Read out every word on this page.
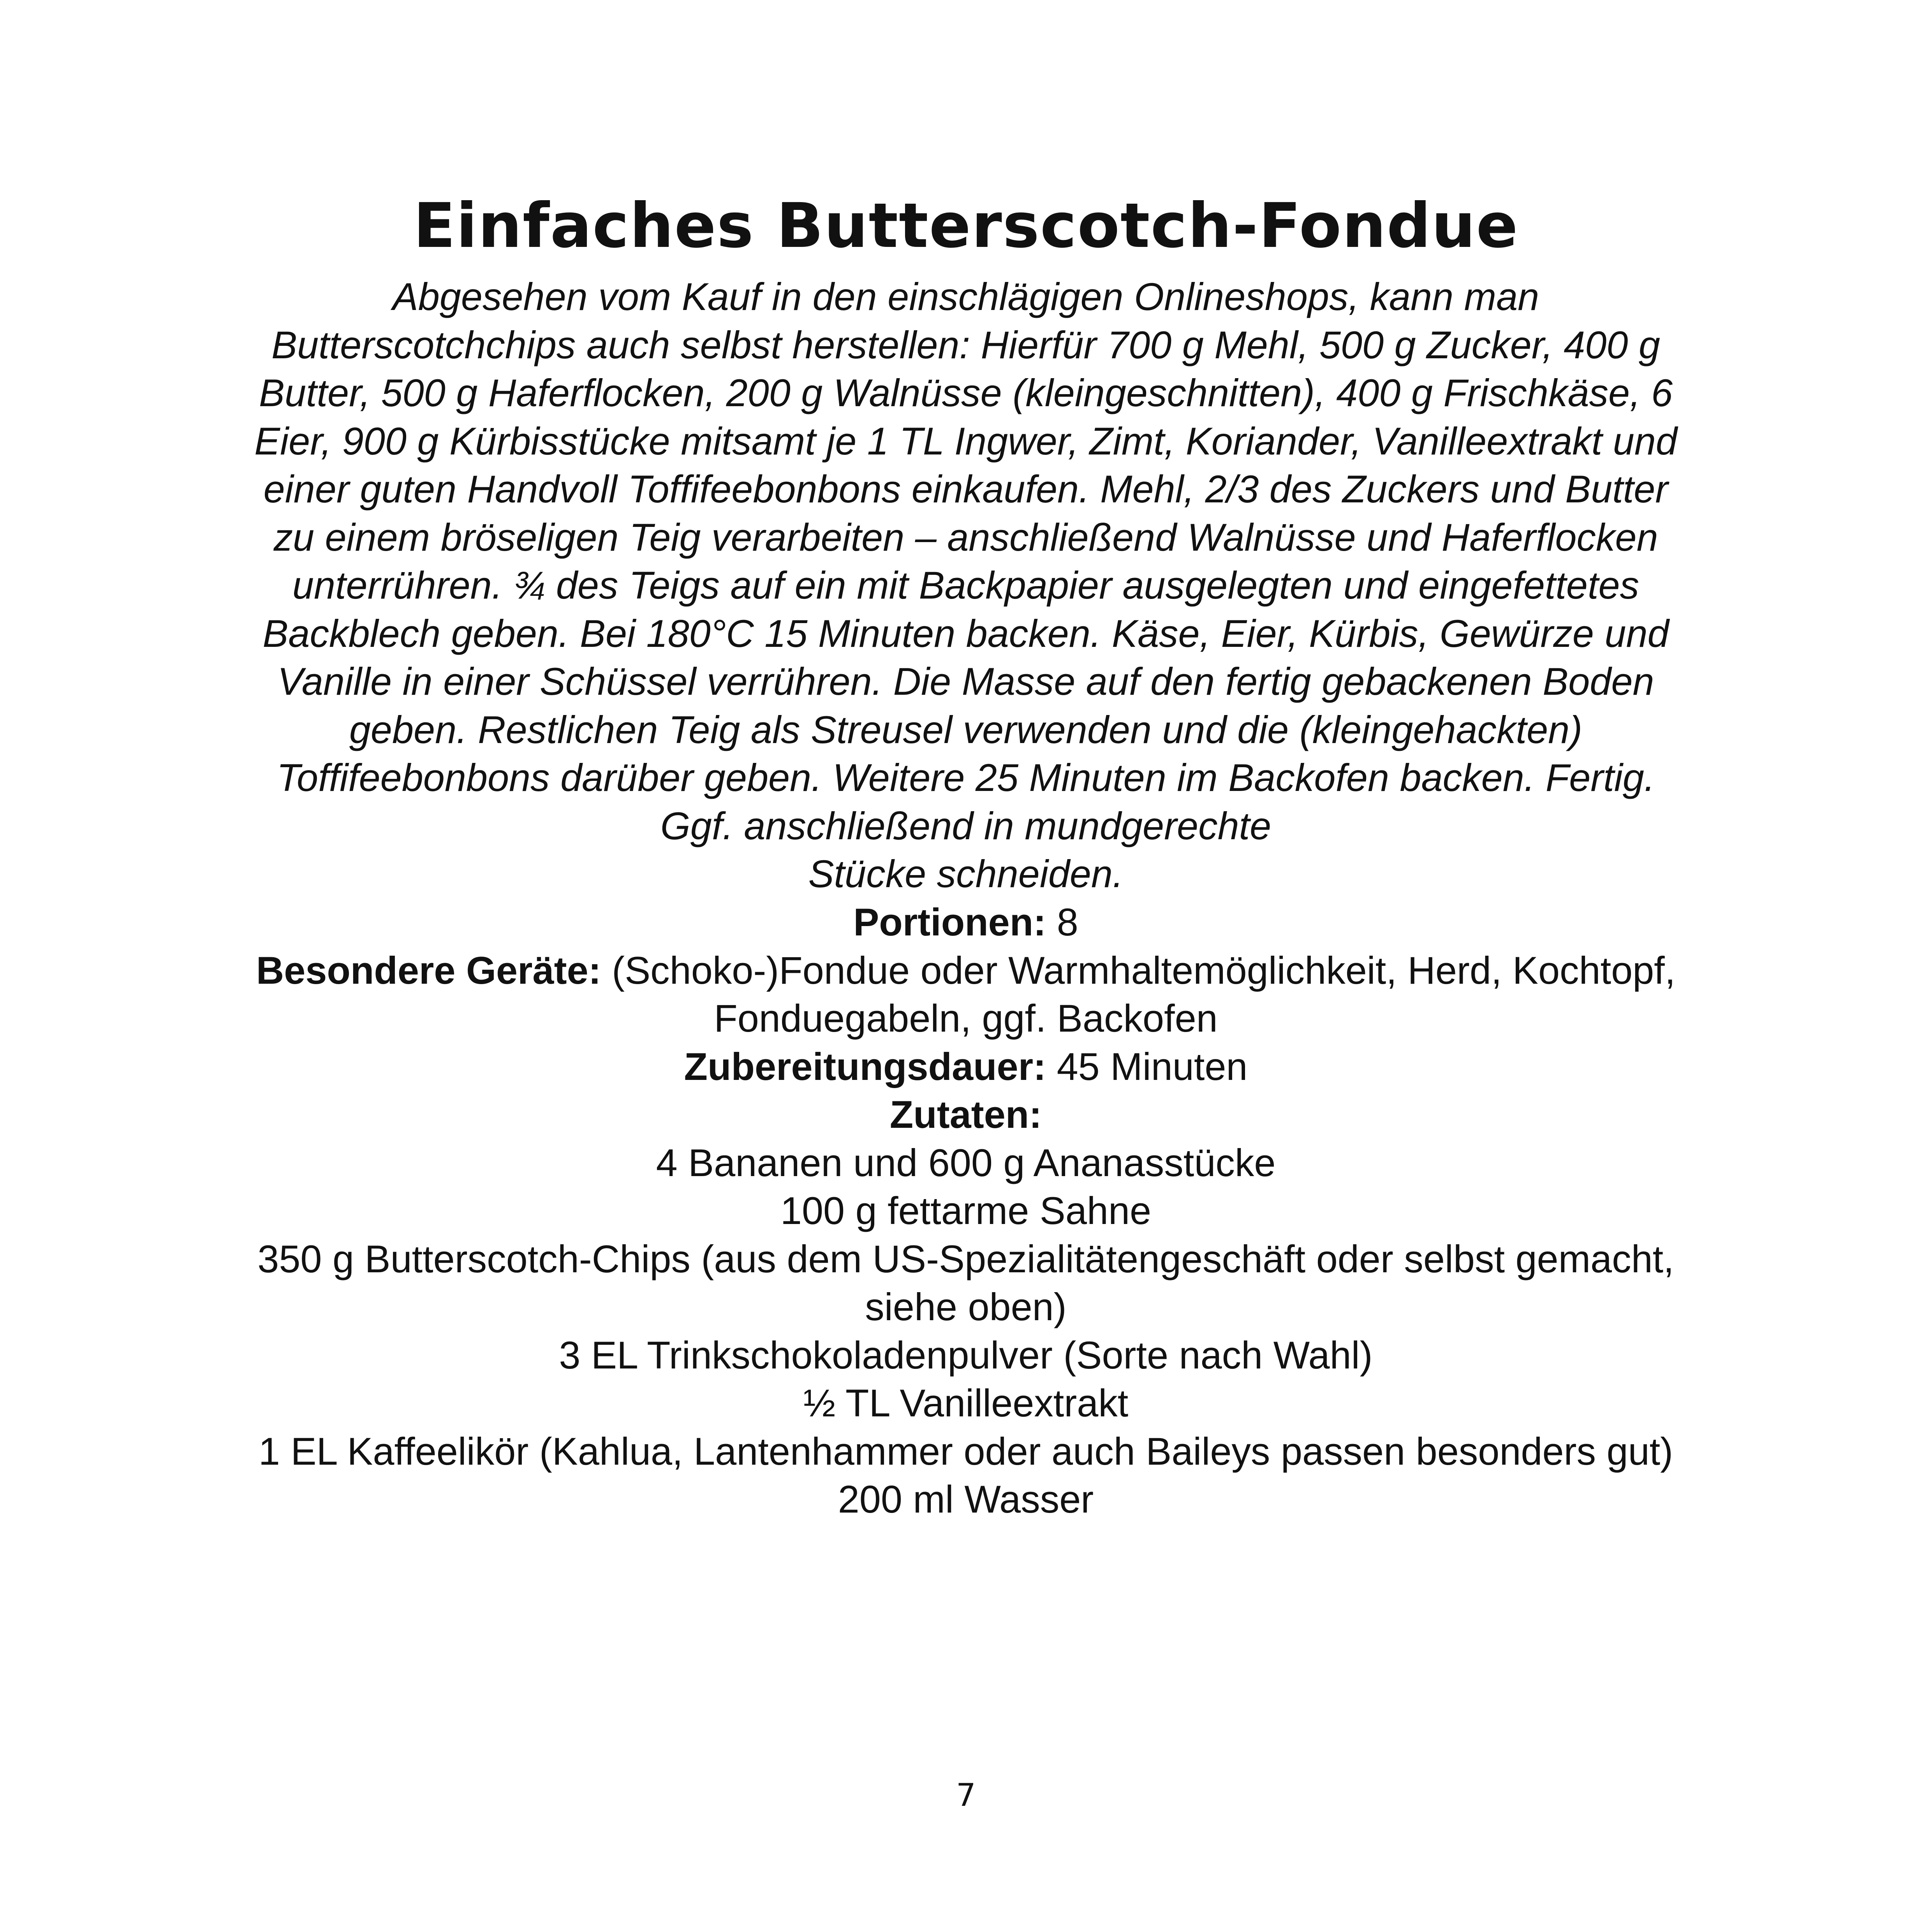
Einfaches Butterscotch-Fondue

Abgesehen vom Kauf in den einschlägigen Onlineshops, kann man
Butterscotchchips auch selbst herstellen: Hierfür 700 g Mehl, 500 g Zucker, 400 g
Butter, 500 g Haferflocken, 200 g Walnüsse (kleingeschnitten), 400 g Frischkäse, 6
Eier, 900 g Kürbisstücke mitsamt je 1 TL Ingwer, Zimt, Koriander, Vanilleextrakt und
einer guten Handvoll Toffifeebonbons einkaufen. Mehl, 2/3 des Zuckers und Butter
zu einem bröseligen Teig verarbeiten – anschließend Walnüsse und Haferflocken
unterrühren. ¾ des Teigs auf ein mit Backpapier ausgelegten und eingefettetes
Backblech geben. Bei 180°C 15 Minuten backen. Käse, Eier, Kürbis, Gewürze und
Vanille in einer Schüssel verrühren. Die Masse auf den fertig gebackenen Boden
geben. Restlichen Teig als Streusel verwenden und die (kleingehackten)
Toffifeebonbons darüber geben. Weitere 25 Minuten im Backofen backen. Fertig.
Ggf. anschließend in mundgerechte
Stücke schneiden.

Portionen: 8
Besondere Geräte: (Schoko-)Fondue oder Warmhaltemöglichkeit, Herd, Kochtopf,
Fonduegabeln, ggf. Backofen
Zubereitungsdauer: 45 Minuten
Zutaten:
4 Bananen und 600 g Ananasstücke
100 g fettarme Sahne
350 g Butterscotch-Chips (aus dem US-Spezialitätengeschäft oder selbst gemacht,
siehe oben)
3 EL Trinkschokoladenpulver (Sorte nach Wahl)
½ TL Vanilleextrakt
1 EL Kaffeelikör (Kahlua, Lantenhammer oder auch Baileys passen besonders gut)
200 ml Wasser
7
